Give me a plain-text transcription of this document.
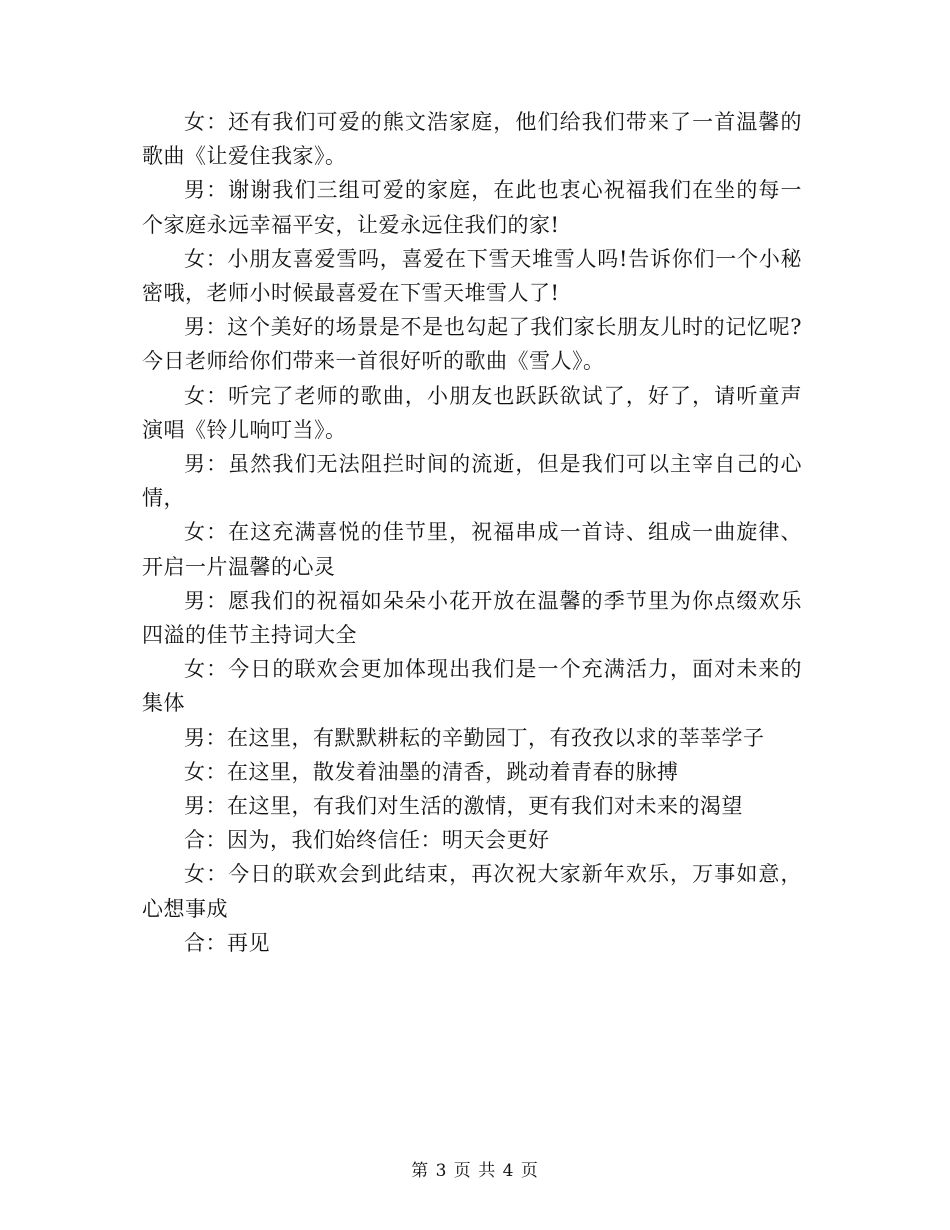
女：还有我们可爱的熊文浩家庭，他们给我们带来了一首温馨的歌曲《让爱住我家》。

男：谢谢我们三组可爱的家庭，在此也衷心祝福我们在坐的每一个家庭永远幸福平安，让爱永远住我们的家!

女：小朋友喜爱雪吗，喜爱在下雪天堆雪人吗!告诉你们一个小秘密哦，老师小时候最喜爱在下雪天堆雪人了!

男：这个美好的场景是不是也勾起了我们家长朋友儿时的记忆呢?今日老师给你们带来一首很好听的歌曲《雪人》。

女：听完了老师的歌曲，小朋友也跃跃欲试了，好了，请听童声演唱《铃儿响叮当》。

男：虽然我们无法阻拦时间的流逝，但是我们可以主宰自己的心情，

女：在这充满喜悦的佳节里，祝福串成一首诗、组成一曲旋律、开启一片温馨的心灵

男：愿我们的祝福如朵朵小花开放在温馨的季节里为你点缀欢乐四溢的佳节主持词大全

女：今日的联欢会更加体现出我们是一个充满活力，面对未来的集体

男：在这里，有默默耕耘的辛勤园丁，有孜孜以求的莘莘学子

女：在这里，散发着油墨的清香，跳动着青春的脉搏

男：在这里，有我们对生活的激情，更有我们对未来的渴望

合：因为，我们始终信任：明天会更好

女：今日的联欢会到此结束，再次祝大家新年欢乐，万事如意，心想事成

合：再见

第 3 页 共 4 页
